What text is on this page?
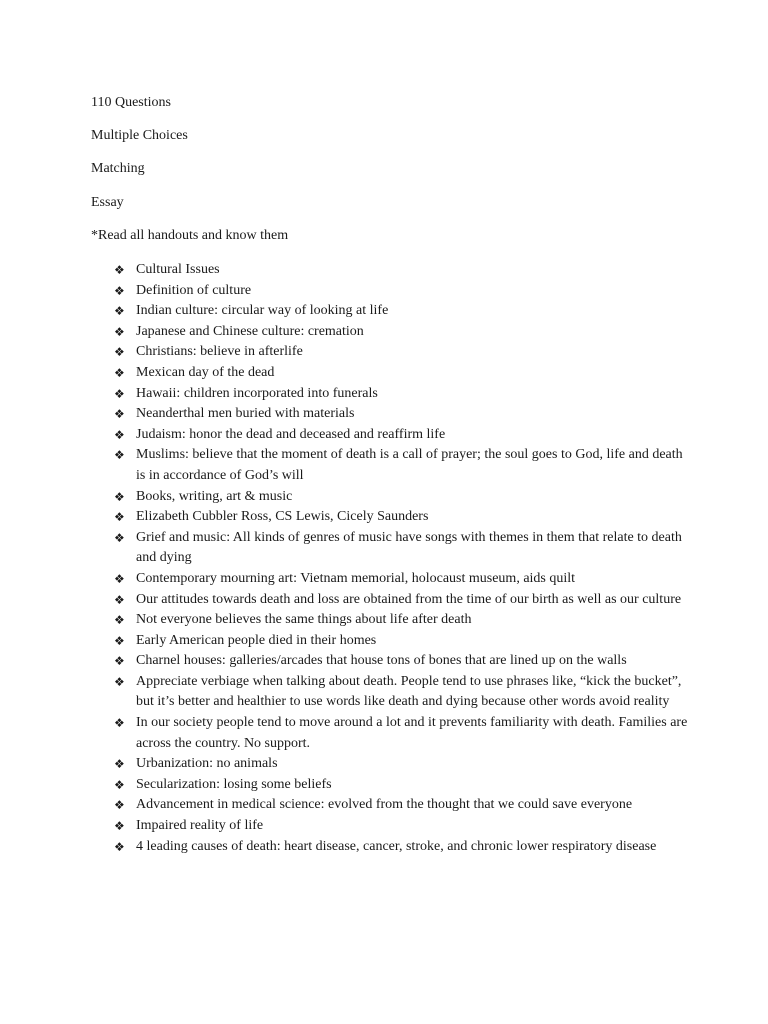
110 Questions
Multiple Choices
Matching
Essay
*Read all handouts and know them
❖ Cultural Issues
❖ Definition of culture
❖ Indian culture: circular way of looking at life
❖ Japanese and Chinese culture: cremation
❖ Christians: believe in afterlife
❖ Mexican day of the dead
❖ Hawaii: children incorporated into funerals
❖ Neanderthal men buried with materials
❖ Judaism: honor the dead and deceased and reaffirm life
❖ Muslims: believe that the moment of death is a call of prayer; the soul goes to God, life and death is in accordance of God’s will
❖ Books, writing, art & music
❖ Elizabeth Cubbler Ross, CS Lewis, Cicely Saunders
❖ Grief and music: All kinds of genres of music have songs with themes in them that relate to death and dying
❖ Contemporary mourning art: Vietnam memorial, holocaust museum, aids quilt
❖ Our attitudes towards death and loss are obtained from the time of our birth as well as our culture
❖ Not everyone believes the same things about life after death
❖ Early American people died in their homes
❖ Charnel houses: galleries/arcades that house tons of bones that are lined up on the walls
❖ Appreciate verbiage when talking about death. People tend to use phrases like, “kick the bucket”, but it’s better and healthier to use words like death and dying because other words avoid reality
❖ In our society people tend to move around a lot and it prevents familiarity with death. Families are across the country. No support.
❖ Urbanization: no animals
❖ Secularization: losing some beliefs
❖ Advancement in medical science: evolved from the thought that we could save everyone
❖ Impaired reality of life
❖ 4 leading causes of death: heart disease, cancer, stroke, and chronic lower respiratory disease
